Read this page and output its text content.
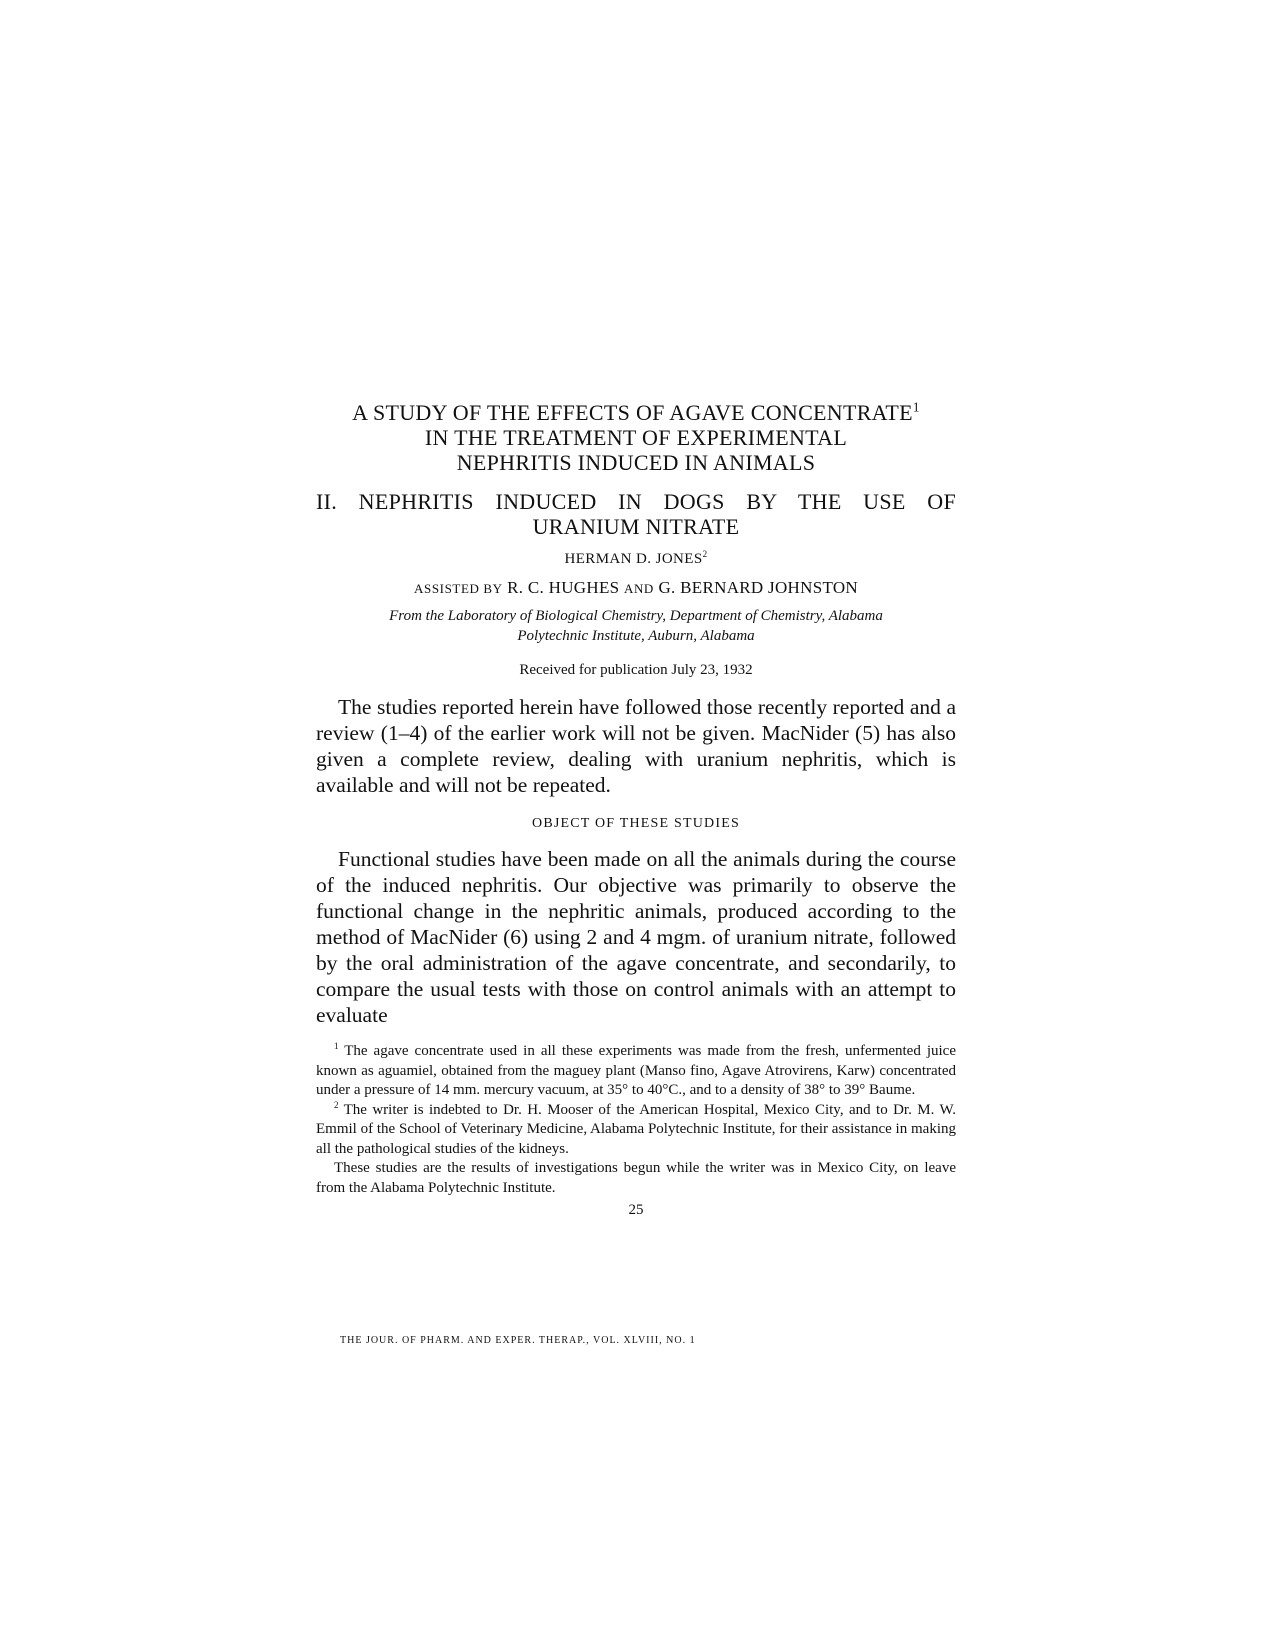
A STUDY OF THE EFFECTS OF AGAVE CONCENTRATE$^1$
IN THE TREATMENT OF EXPERIMENTAL
NEPHRITIS INDUCED IN ANIMALS
II. NEPHRITIS INDUCED IN DOGS BY THE USE OF
URANIUM NITRATE
HERMAN D. JONES$^2$
ASSISTED BY R. C. HUGHES AND G. BERNARD JOHNSTON
From the Laboratory of Biological Chemistry, Department of Chemistry, Alabama
Polytechnic Institute, Auburn, Alabama
Received for publication July 23, 1932

The studies reported herein have followed those recently reported and a review (1–4) of the earlier work will not be given. MacNider (5) has also given a complete review, dealing with uranium nephritis, which is available and will not be repeated.

OBJECT OF THESE STUDIES

Functional studies have been made on all the animals during the course of the induced nephritis. Our objective was primarily to observe the functional change in the nephritic animals, produced according to the method of MacNider (6) using 2 and 4 mgm. of uranium nitrate, followed by the oral administration of the agave concentrate, and secondarily, to compare the usual tests with those on control animals with an attempt to evaluate

$^1$ The agave concentrate used in all these experiments was made from the fresh, unfermented juice known as aguamiel, obtained from the maguey plant (Manso fino, Agave Atrovirens, Karw) concentrated under a pressure of 14 mm. mercury vacuum, at 35° to 40°C., and to a density of 38° to 39° Baume.

$^2$ The writer is indebted to Dr. H. Mooser of the American Hospital, Mexico City, and to Dr. M. W. Emmil of the School of Veterinary Medicine, Alabama Polytechnic Institute, for their assistance in making all the pathological studies of the kidneys.

These studies are the results of investigations begun while the writer was in Mexico City, on leave from the Alabama Polytechnic Institute.

25
THE JOUR. OF PHARM. AND EXPER. THERAP., VOL. XLVIII, NO. 1
